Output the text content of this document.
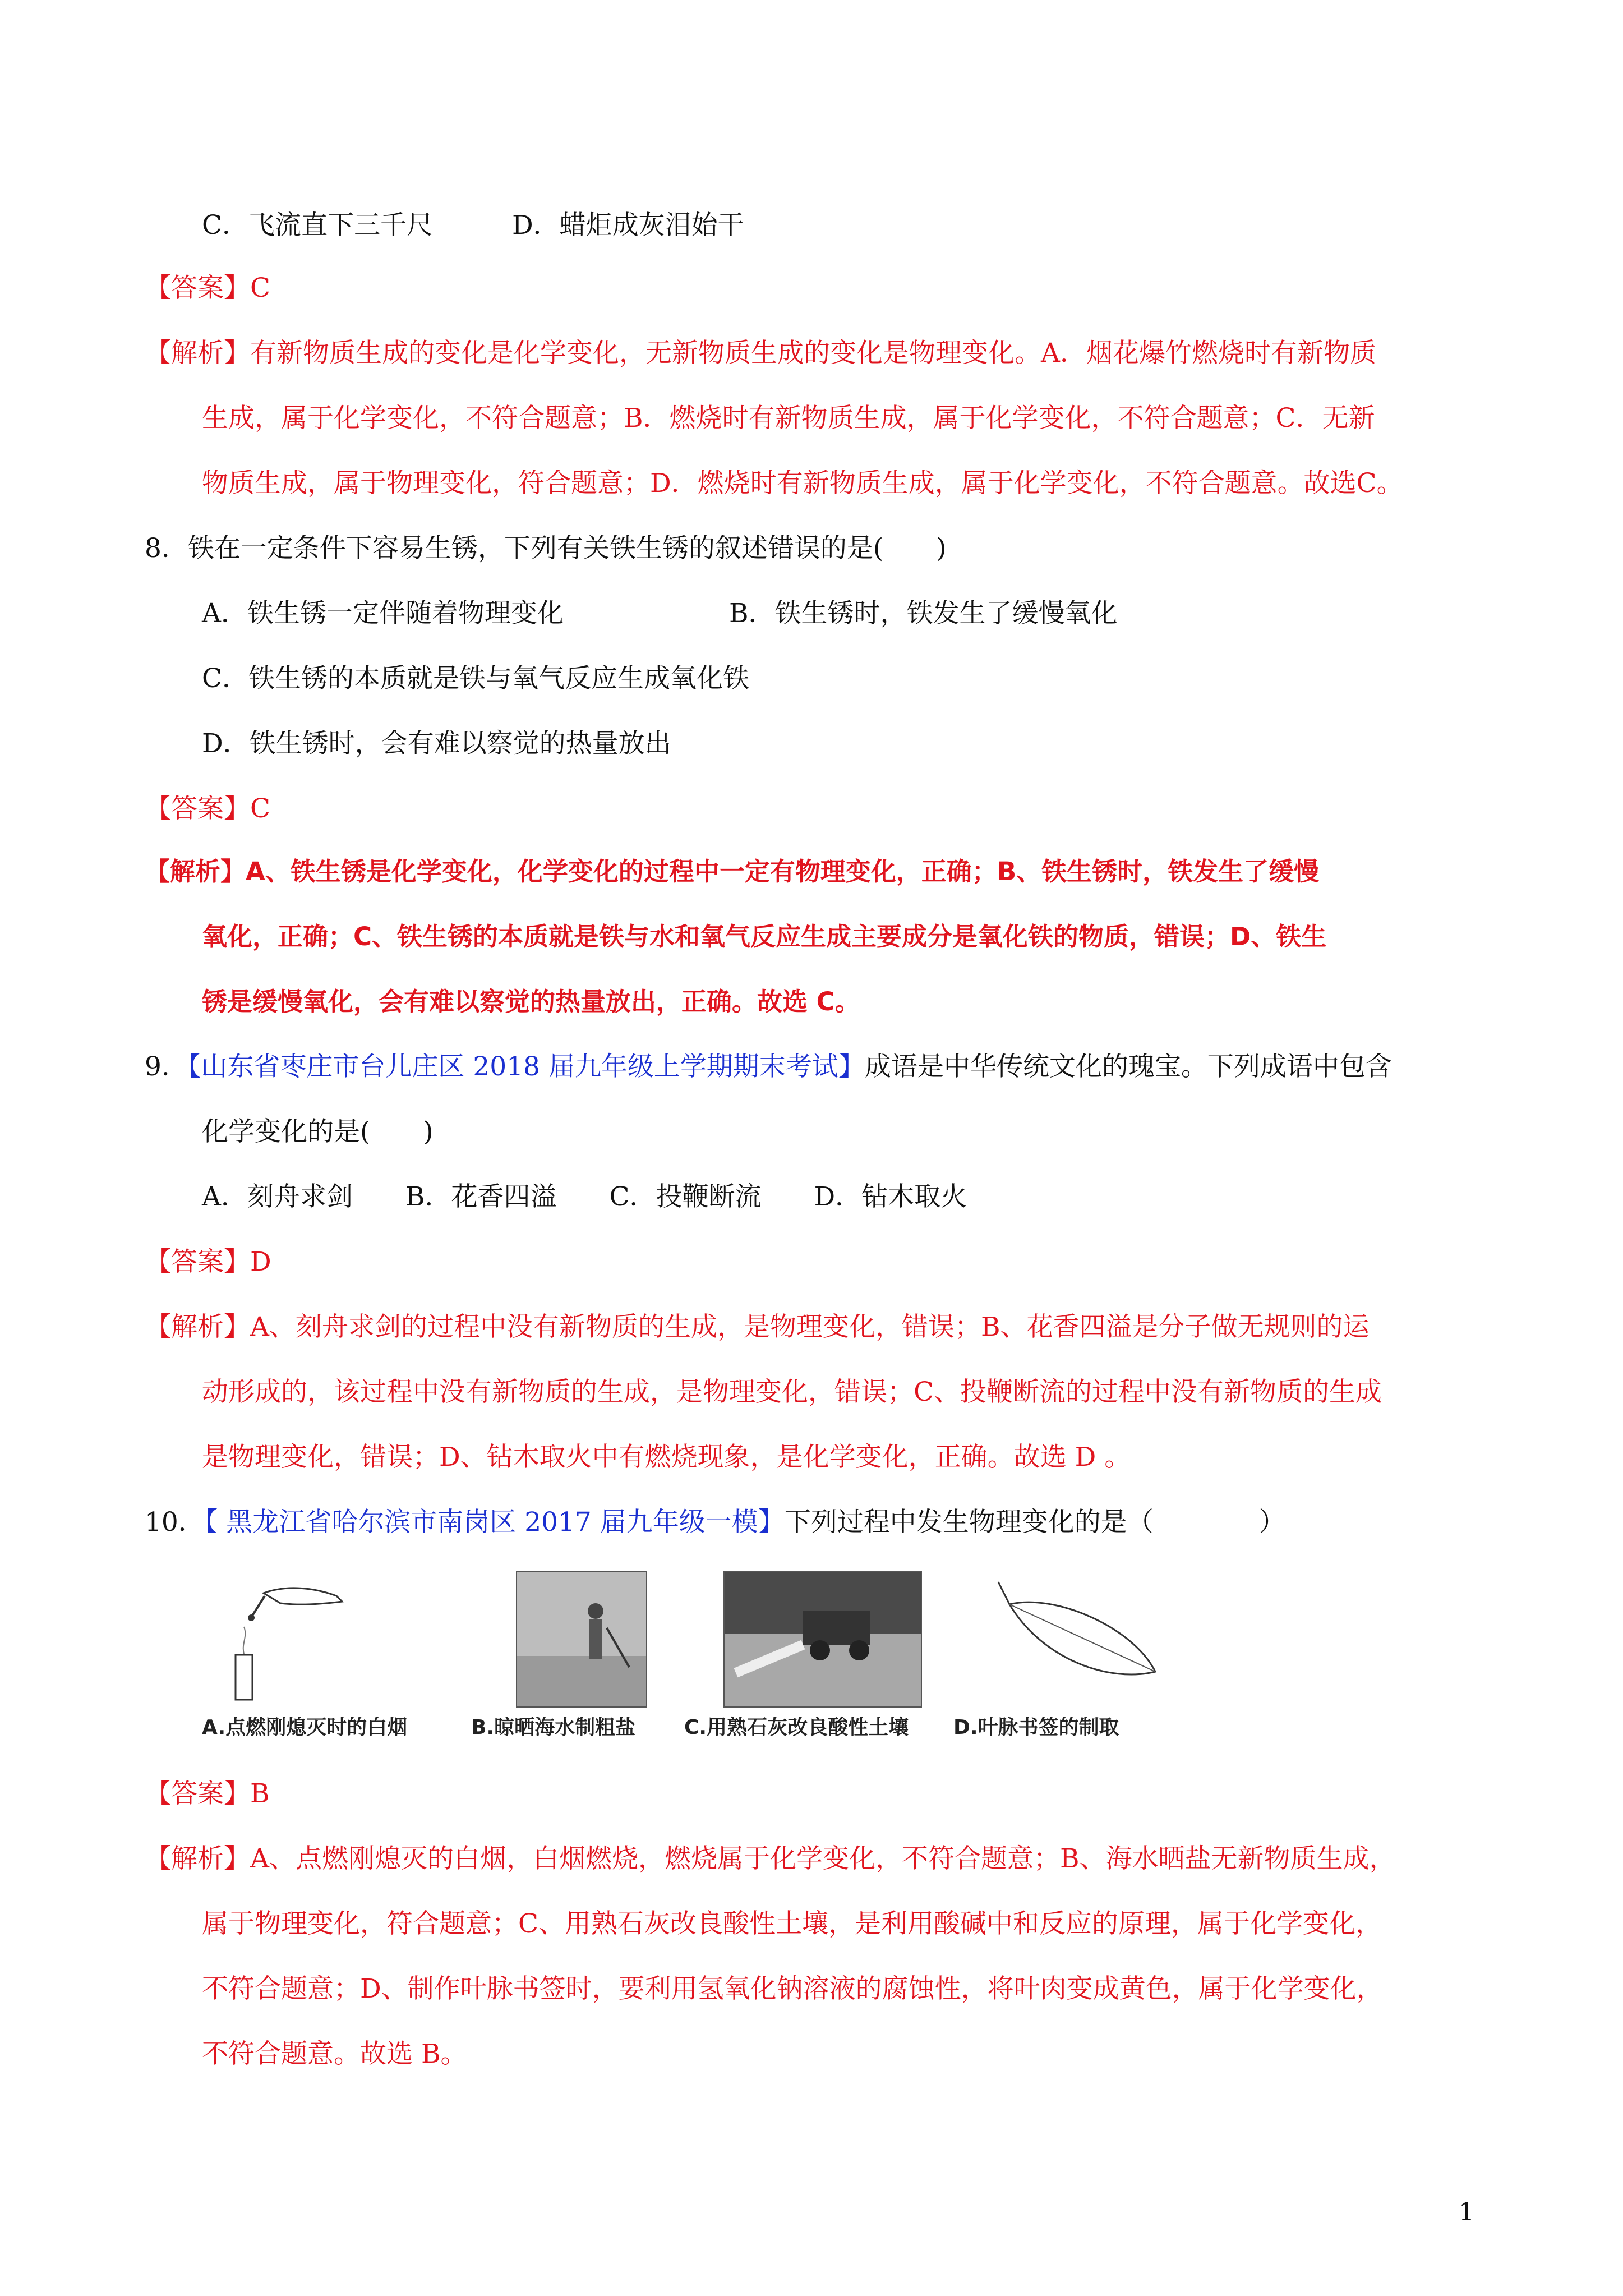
C．飞流直下三千尺　　　D．蜡炬成灰泪始干
【答案】C
【解析】有新物质生成的变化是化学变化，无新物质生成的变化是物理变化。A．烟花爆竹燃烧时有新物质
生成，属于化学变化，不符合题意；B．燃烧时有新物质生成，属于化学变化，不符合题意；C．无新
物质生成，属于物理变化，符合题意；D．燃烧时有新物质生成，属于化学变化，不符合题意。故选C。
8．铁在一定条件下容易生锈，下列有关铁生锈的叙述错误的是(　　)
A．铁生锈一定伴随着物理变化	B．铁生锈时，铁发生了缓慢氧化
C．铁生锈的本质就是铁与氧气反应生成氧化铁
D．铁生锈时，会有难以察觉的热量放出
【答案】C
【解析】A、铁生锈是化学变化，化学变化的过程中一定有物理变化，正确；B、铁生锈时，铁发生了缓慢
氧化，正确；C、铁生锈的本质就是铁与水和氧气反应生成主要成分是氧化铁的物质，错误；D、铁生
锈是缓慢氧化，会有难以察觉的热量放出，正确。故选 C。
9．【山东省枣庄市台儿庄区 2018 届九年级上学期期末考试】成语是中华传统文化的瑰宝。下列成语中包含
化学变化的是(　　)
A．刻舟求剑　　B．花香四溢　　C．投鞭断流　　D．钻木取火
【答案】D
【解析】A、刻舟求剑的过程中没有新物质的生成，是物理变化，错误；B、花香四溢是分子做无规则的运
动形成的，该过程中没有新物质的生成，是物理变化，错误；C、投鞭断流的过程中没有新物质的生成
是物理变化，错误；D、钻木取火中有燃烧现象，是化学变化，正确。故选 D 。
10．【 黑龙江省哈尔滨市南岗区 2017 届九年级一模】下列过程中发生物理变化的是（　　　　）
A.点燃刚熄灭时的白烟	B.晾晒海水制粗盐 C.用熟石灰改良酸性土壤 D.叶脉书签的制取
【答案】B
【解析】A、点燃刚熄灭的白烟，白烟燃烧，燃烧属于化学变化，不符合题意；B、海水晒盐无新物质生成，
属于物理变化，符合题意；C、用熟石灰改良酸性土壤，是利用酸碱中和反应的原理，属于化学变化，
不符合题意；D、制作叶脉书签时，要利用氢氧化钠溶液的腐蚀性，将叶肉变成黄色，属于化学变化，
不符合题意。故选 B。
1
